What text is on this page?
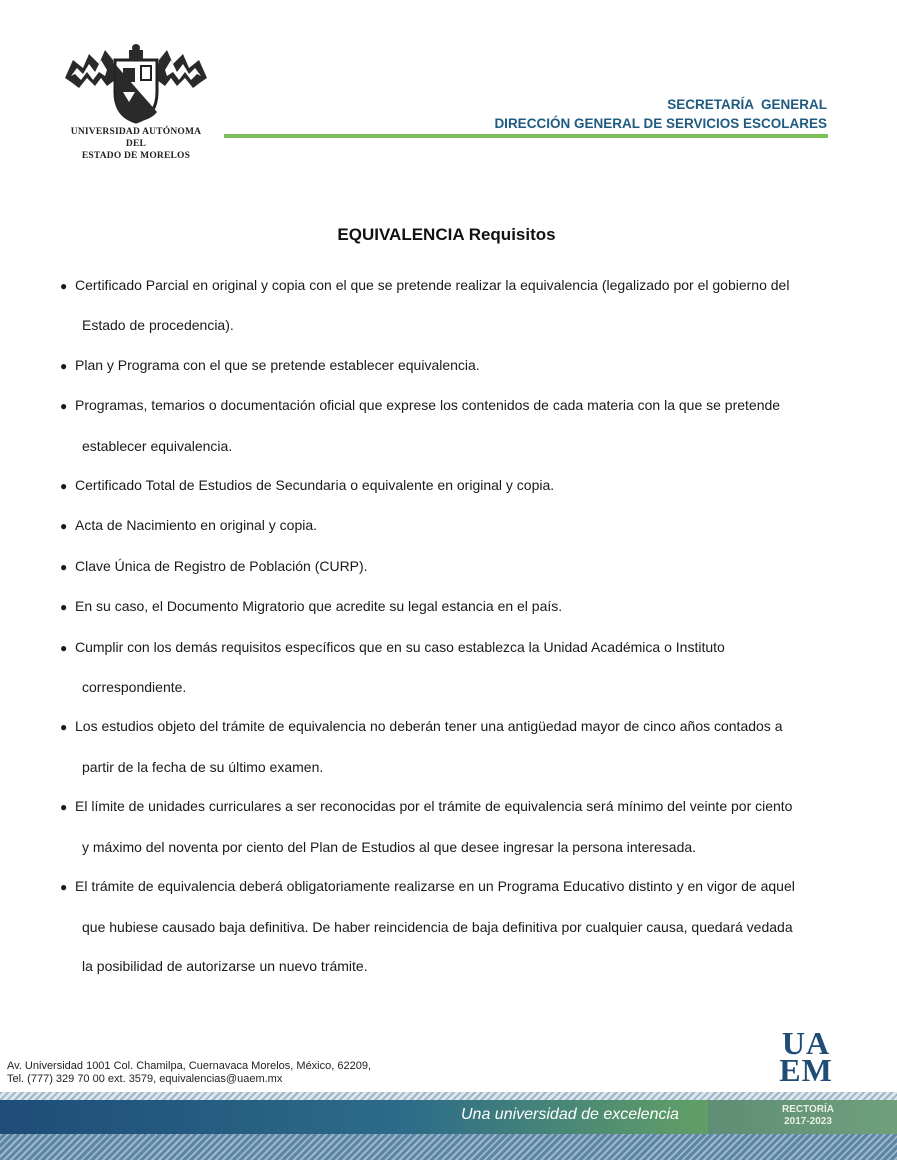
UNIVERSIDAD AUTÓNOMA DEL
ESTADO DE MORELOS
SECRETARÍA  GENERAL
DIRECCIÓN GENERAL DE SERVICIOS ESCOLARES
EQUIVALENCIA Requisitos
● Certificado Parcial en original y copia con el que se pretende realizar la equivalencia (legalizado por el gobierno del
Estado de procedencia).
● Plan y Programa con el que se pretende establecer equivalencia.
● Programas, temarios o documentación oficial que exprese los contenidos de cada materia con la que se pretende
establecer equivalencia.
● Certificado Total de Estudios de Secundaria o equivalente en original y copia.
● Acta de Nacimiento en original y copia.
● Clave Única de Registro de Población (CURP).
● En su caso, el Documento Migratorio que acredite su legal estancia en el país.
● Cumplir con los demás requisitos específicos que en su caso establezca la Unidad Académica o Instituto
correspondiente.
● Los estudios objeto del trámite de equivalencia no deberán tener una antigüedad mayor de cinco años contados a
partir de la fecha de su último examen.
● El límite de unidades curriculares a ser reconocidas por el trámite de equivalencia será mínimo del veinte por ciento
y máximo del noventa por ciento del Plan de Estudios al que desee ingresar la persona interesada.
● El trámite de equivalencia deberá obligatoriamente realizarse en un Programa Educativo distinto y en vigor de aquel
que hubiese causado baja definitiva. De haber reincidencia de baja definitiva por cualquier causa, quedará vedada
la posibilidad de autorizarse un nuevo trámite.
Av. Universidad 1001 Col. Chamilpa, Cuernavaca Morelos, México, 62209,
Tel. (777) 329 70 00 ext. 3579, equivalencias@uaem.mx
UA
EM
Una universidad de excelencia	RECTORÍA
2017-2023
